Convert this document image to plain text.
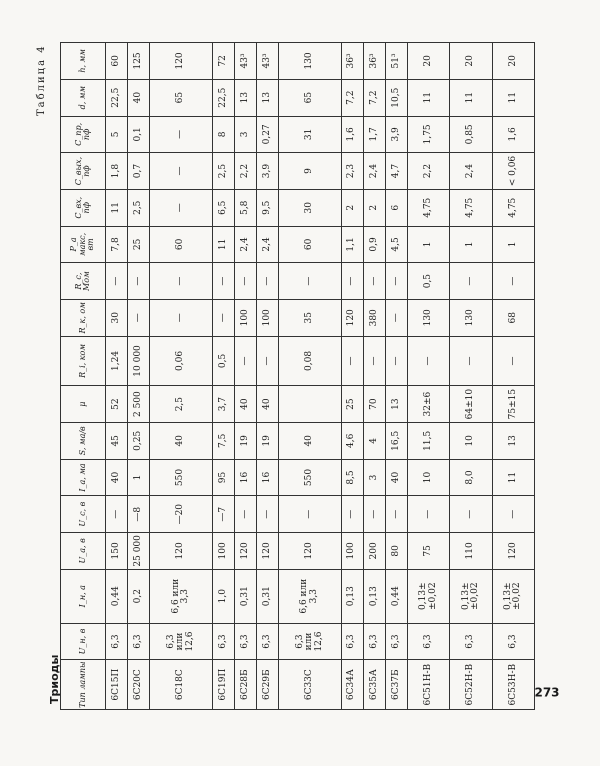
Триоды
Таблица 4
273
Тип лампы	U_н, в	I_н, а	U_а, в	U_с, в	I_а, ма	S, ма/в	μ	R_i, ком	R_к, ом	R_с, Мом	Р_а макс, вт	С_вх, пф	С_вых, пф	С_пр, пф	d, мм	h, мм
6С15П	6,3	0,44	150	—	40	45	52	1,24	30	—	7,8	11	1,8	5	22,5	60
6С20С	6,3	0,2	25 000	—8	1	0,25	2 500	10 000	—	—	25	2,5	0,7	0,1	40	125
6С18С	6,3 или 12,6	6,6 или 3,3	120	—20	550	40	2,5	0,06	—	—	60	—	—	—	65	120
6С19П	6,3	1,0	100	—7	95	7,5	3,7	0,5	—	—	11	6,5	2,5	8	22,5	72
6С28Б	6,3	0,31	120	—	16	19	40	—	100	—	2,4	5,8	2,2	3	13	43³
6С29Б	6,3	0,31	120	—	16	19	40	—	100	—	2,4	9,5	3,9	0,27	13	43³
6С33С	6,3 или 12,6	6,6 или 3,3	120	—	550	40		0,08	35	—	60	30	9	31	65	130
6С34А	6,3	0,13	100	—	8,5	4,6	25	—	120	—	1,1	2	2,3	1,6	7,2	36³
6С35А	6,3	0,13	200	—	3	4	70	—	380	—	0,9	2	2,4	1,7	7,2	36³
6С37Б	6,3	0,44	80	—	40	16,5	13	—	—	—	4,5	6	4,7	3,9	10,5	51³
6С51Н-В	6,3	0,13± ±0,02	75	—	10	11,5	32±6	—	130	0,5	1	4,75	2,2	1,75	11	20
6С52Н-В	6,3	0,13± ±0,02	110	—	8,0	10	64±10	—	130	—	1	4,75	2,4	0,85	11	20
6С53Н-В	6,3	0,13± ±0,02	120	—	11	13	75±15	—	68	—	1	4,75	< 0,06	1,6	11	20
